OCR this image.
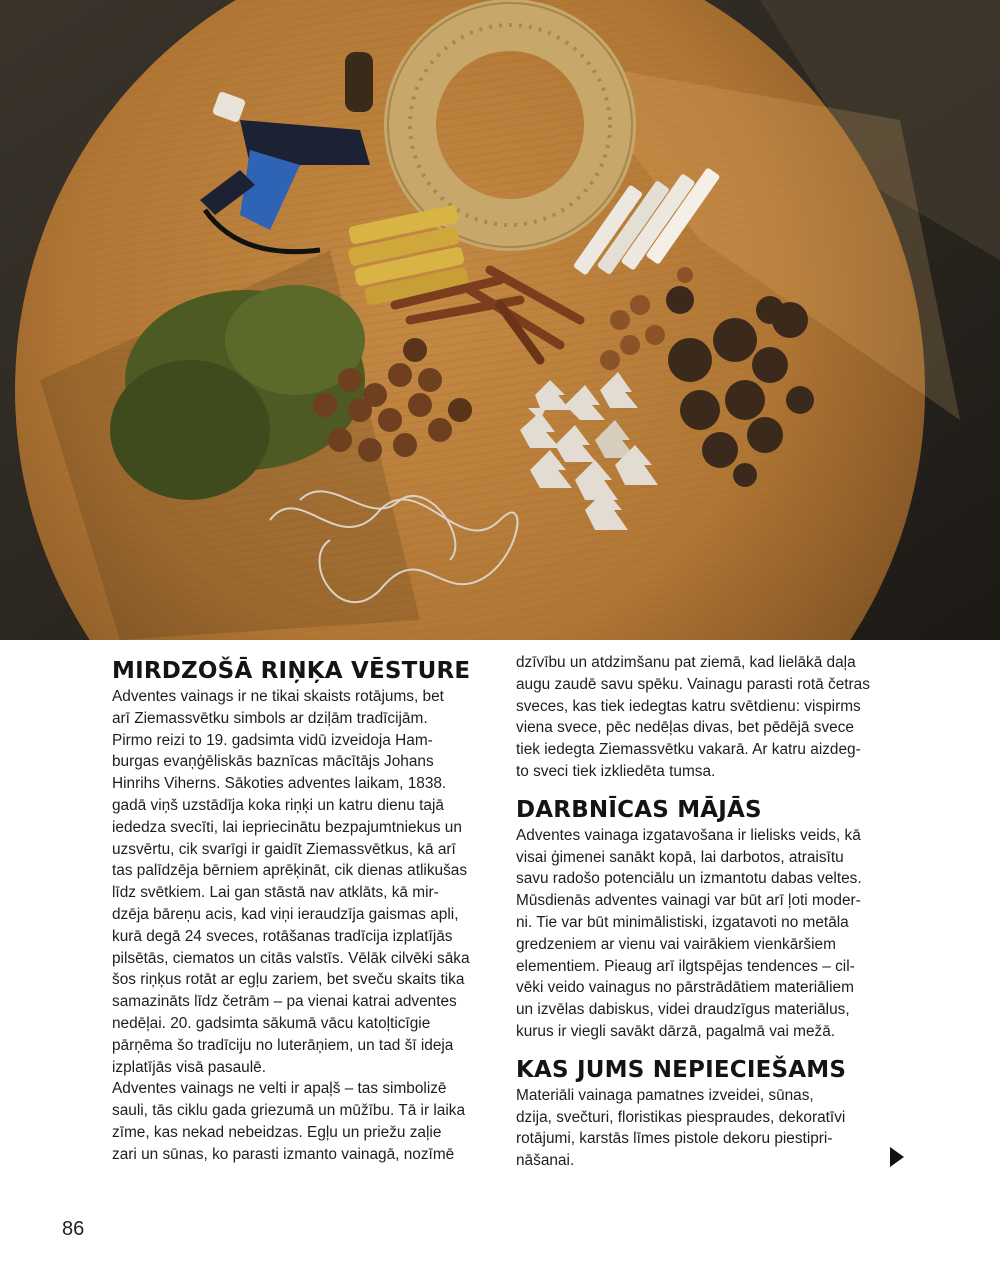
MIRDZOŠĀ RIŅĶA VĒSTURE

Adventes vainags ir ne tikai skaists rotājums, bet
arī Ziemassvētku simbols ar dziļām tradīcijām.
Pirmo reizi to 19. gadsimta vidū izveidoja Ham-
burgas evaņģēliskās baznīcas mācītājs Johans
Hinrihs Viherns. Sākoties adventes laikam, 1838.
gadā viņš uzstādīja koka riņķi un katru dienu tajā
iededza svecīti, lai iepriecinātu bezpajumtniekus un
uzsvērtu, cik svarīgi ir gaidīt Ziemassvētkus, kā arī
tas palīdzēja bērniem aprēķināt, cik dienas atlikušas
līdz svētkiem. Lai gan stāstā nav atklāts, kā mir-
dzēja bāreņu acis, kad viņi ieraudzīja gaismas apli,
kurā degā 24 sveces, rotāšanas tradīcija izplatījās
pilsētās, ciematos un citās valstīs. Vēlāk cilvēki sāka
šos riņķus rotāt ar egļu zariem, bet sveču skaits tika
samazināts līdz četrām – pa vienai katrai adventes
nedēļai. 20. gadsimta sākumā vācu katoļticīgie
pārņēma šo tradīciju no luterāņiem, un tad šī ideja
izplatījās visā pasaulē.
Adventes vainags ne velti ir apaļš – tas simbolizē
sauli, tās ciklu gada griezumā un mūžību. Tā ir laika
zīme, kas nekad nebeidzas. Egļu un priežu zaļie
zari un sūnas, ko parasti izmanto vainagā, nozīmē

dzīvību un atdzimšanu pat ziemā, kad lielākā daļa
augu zaudē savu spēku. Vainagu parasti rotā četras
sveces, kas tiek iedegtas katru svētdienu: vispirms
viena svece, pēc nedēļas divas, bet pēdējā svece
tiek iedegta Ziemassvētku vakarā. Ar katru aizdeg-
to sveci tiek izkliedēta tumsa.

DARBNĪCAS MĀJĀS

Adventes vainaga izgatavošana ir lielisks veids, kā
visai ģimenei sanākt kopā, lai darbotos, atraisītu
savu radošo potenciālu un izmantotu dabas veltes.
Mūsdienās adventes vainagi var būt arī ļoti moder-
ni. Tie var būt minimālistiski, izgatavoti no metāla
gredzeniem ar vienu vai vairākiem vienkāršiem
elementiem. Pieaug arī ilgtspējas tendences – cil-
vēki veido vainagus no pārstrādātiem materiāliem
un izvēlas dabiskus, videi draudzīgus materiālus,
kurus ir viegli savākt dārzā, pagalmā vai mežā.

KAS JUMS NEPIECIEŠAMS

Materiāli vainaga pamatnes izveidei, sūnas,
dzija, svečturi, floristikas piespraudes, dekoratīvi
rotājumi, karstās līmes pistole dekoru piestipri-
nāšanai.

86
